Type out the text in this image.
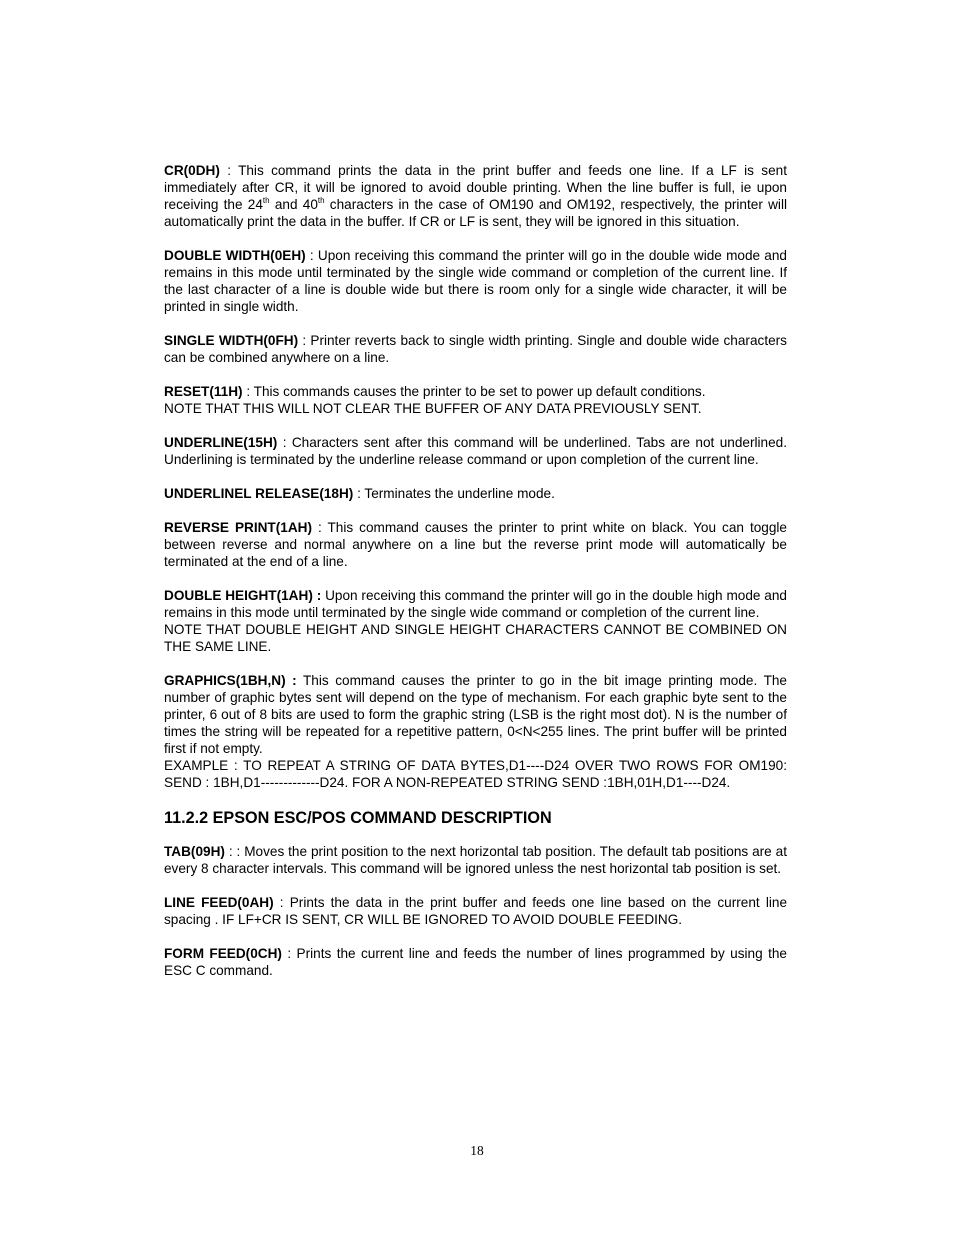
CR(0DH) : This command prints the data in the print buffer and feeds one line. If a LF is sent immediately after CR, it will be ignored to avoid double printing. When the line buffer is full, ie upon receiving the 24th and 40th characters in the case of OM190 and OM192, respectively, the printer will automatically print the data in the buffer. If CR or LF is sent, they will be ignored in this situation.

DOUBLE WIDTH(0EH) : Upon receiving this command the printer will go in the double wide mode and remains in this mode until terminated by the single wide command or completion of the current line. If the last character of a line is double wide but there is room only for a single wide character, it will be printed in single width.

SINGLE WIDTH(0FH) : Printer reverts back to single width printing. Single and double wide characters can be combined anywhere on a line.

RESET(11H) : This commands causes the printer to be set to power up default conditions.
NOTE THAT THIS WILL NOT CLEAR THE BUFFER OF ANY DATA PREVIOUSLY SENT.

UNDERLINE(15H) : Characters sent after this command will be underlined. Tabs are not underlined. Underlining is terminated by the underline release command or upon completion of the current line.

UNDERLINEL RELEASE(18H) : Terminates the underline mode.

REVERSE PRINT(1AH) : This command causes the printer to print white on black. You can toggle between reverse and normal anywhere on a line but the reverse print mode will automatically be terminated at the end of a line.

DOUBLE HEIGHT(1AH) : Upon receiving this command the printer will go in the double high mode and remains in this mode until terminated by the single wide command or completion of the current line.
NOTE THAT DOUBLE HEIGHT AND SINGLE HEIGHT CHARACTERS CANNOT BE COMBINED ON THE SAME LINE.

GRAPHICS(1BH,N) : This command causes the printer to go in the bit image printing mode. The number of graphic bytes sent will depend on the type of mechanism. For each graphic byte sent to the printer, 6 out of 8 bits are used to form the graphic string (LSB is the right most dot). N is the number of times the string will be repeated for a repetitive pattern, 0<N<255 lines. The print buffer will be printed first if not empty.
EXAMPLE : TO REPEAT A STRING OF DATA BYTES,D1----D24 OVER TWO ROWS FOR OM190: SEND : 1BH,D1-------------D24. FOR A NON-REPEATED STRING SEND :1BH,01H,D1----D24.

11.2.2 EPSON ESC/POS COMMAND DESCRIPTION

TAB(09H) : : Moves the print position to the next horizontal tab position. The default tab positions are at every 8 character intervals. This command will be ignored unless the nest horizontal tab position is set.

LINE FEED(0AH) : Prints the data in the print buffer and feeds one line based on the current line spacing . IF LF+CR IS SENT, CR WILL BE IGNORED TO AVOID DOUBLE FEEDING.

FORM FEED(0CH) : Prints the current line and feeds the number of lines programmed by using the ESC C command.

18
